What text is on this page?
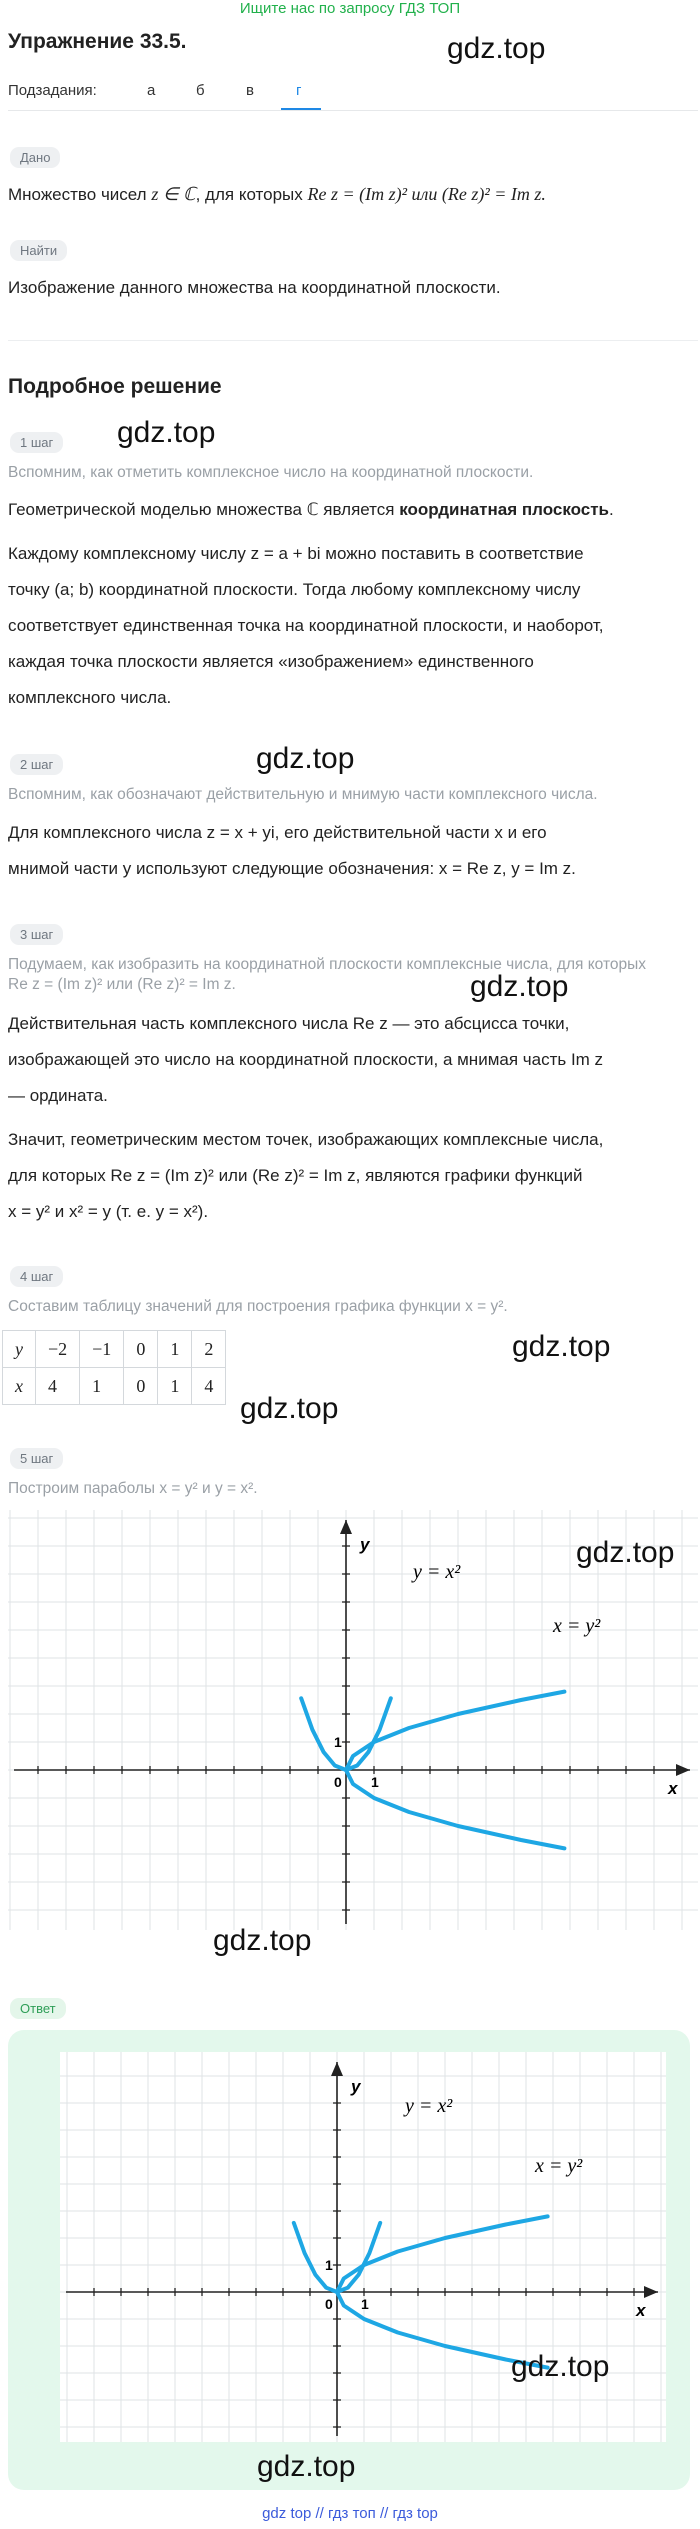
Ищите нас по запросу ГДЗ ТОП
Упражнение 33.5.	gdz.top
Подзадания:	а	б	в	г
Дано
Множество чисел z ∈ ℂ, для которых Re z = (Im z)² или (Re z)² = Im z.
Найти
Изображение данного множества на координатной плоскости.
Подробное решение
1 шаг	gdz.top
Вспомним, как отметить комплексное число на координатной плоскости.
Геометрической моделью множества ℂ является координатная плоскость.
Каждому комплексному числу z = a + bi можно поставить в соответствие
точку (a; b) координатной плоскости. Тогда любому комплексному числу
соответствует единственная точка на координатной плоскости, и наоборот,
каждая точка плоскости является «изображением» единственного
комплексного числа.
2 шаг	gdz.top
Вспомним, как обозначают действительную и мнимую части комплексного числа.
Для комплексного числа z = x + yi, его действительной части x и его
мнимой части y используют следующие обозначения: x = Re z, y = Im z.
3 шаг
Подумаем, как изобразить на координатной плоскости комплексные числа, для которых
Re z = (Im z)² или (Re z)² = Im z.	gdz.top
Действительная часть комплексного числа Re z — это абсцисса точки,
изображающей это число на координатной плоскости, а мнимая часть Im z
— ордината.
Значит, геометрическим местом точек, изображающих комплексные числа,
для которых Re z = (Im z)² или (Re z)² = Im z, являются графики функций
x = y² и x² = y (т. е. y = x²).
4 шаг
Составим таблицу значений для построения графика функции x = y².
gdz.top
y	−2	−1	0	1	2
x	4	1	0	1	4
gdz.top
5 шаг
Построим параболы x = y² и y = x².
0 1
1
x
y
y = x²
x = y²
gdz.top
gdz.top
Ответ
0 1
1
x
y
y = x²
x = y²
gdz.top
gdz.top
gdz top // гдз топ // гдз top
